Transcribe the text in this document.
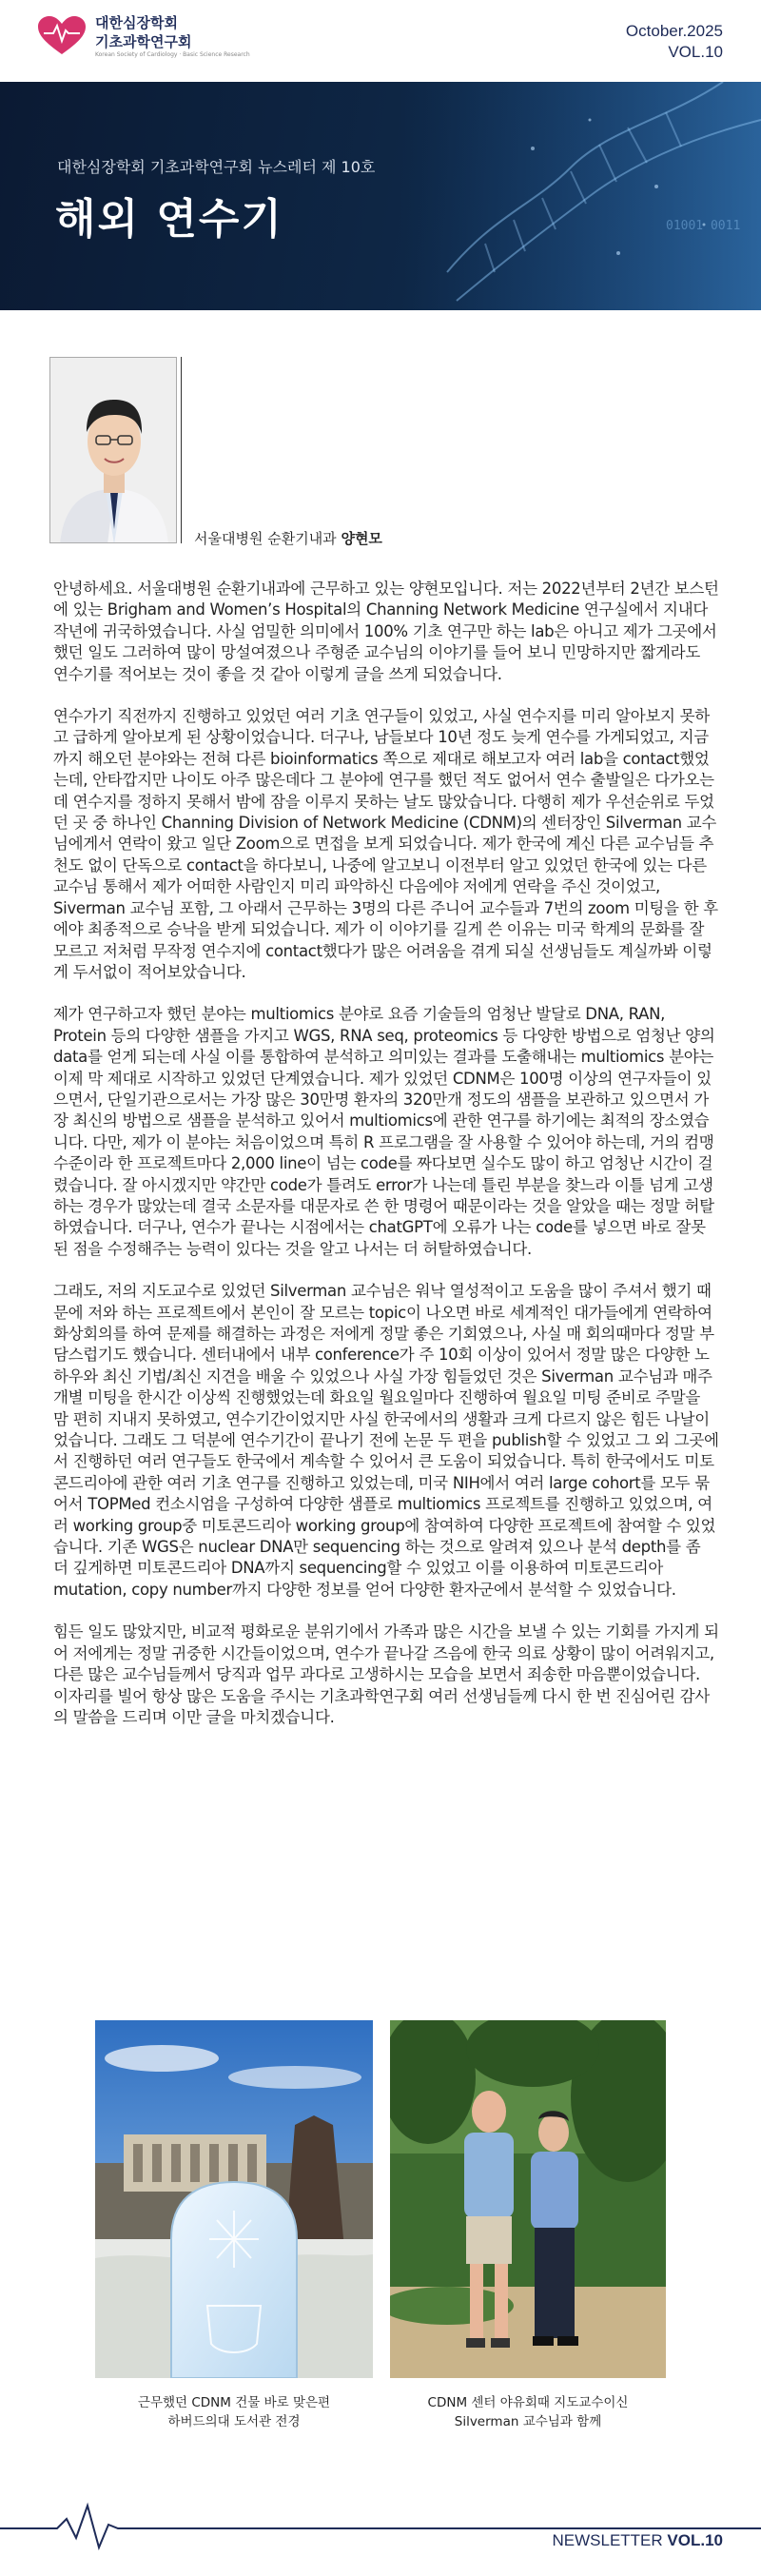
대한심장학회
기초과학연구회
Korean Society of Cardiology · Basic Science Research
October.2025
VOL.10
01001 0011
대한심장학회 기초과학연구회 뉴스레터 제 10호
해외 연수기
서울대병원 순환기내과 양현모

안녕하세요. 서울대병원 순환기내과에 근무하고 있는 양현모입니다. 저는 2022년부터 2년간 보스턴에 있는 Brigham and Women’s Hospital의 Channing Network Medicine 연구실에서 지내다 작년에 귀국하였습니다. 사실 엄밀한 의미에서 100% 기초 연구만 하는 lab은 아니고 제가 그곳에서 했던 일도 그러하여 많이 망설여졌으나 주형준 교수님의 이야기를 들어 보니 민망하지만 짧게라도 연수기를 적어보는 것이 좋을 것 같아 이렇게 글을 쓰게 되었습니다.

연수가기 직전까지 진행하고 있었던 여러 기초 연구들이 있었고, 사실 연수지를 미리 알아보지 못하고 급하게 알아보게 된 상황이었습니다. 더구나, 남들보다 10년 정도 늦게 연수를 가게되었고, 지금까지 해오던 분야와는 전혀 다른 bioinformatics 쪽으로 제대로 해보고자 여러 lab을 contact했었는데, 안타깝지만 나이도 아주 많은데다 그 분야에 연구를 했던 적도 없어서 연수 출발일은 다가오는데 연수지를 정하지 못해서 밤에 잠을 이루지 못하는 날도 많았습니다. 다행히 제가 우선순위로 두었던 곳 중 하나인 Channing Division of Network Medicine (CDNM)의 센터장인 Silverman 교수님에게서 연락이 왔고 일단 Zoom으로 면접을 보게 되었습니다. 제가 한국에 계신 다른 교수님들 추천도 없이 단독으로 contact을 하다보니, 나중에 알고보니 이전부터 알고 있었던 한국에 있는 다른 교수님 통해서 제가 어떠한 사람인지 미리 파악하신 다음에야 저에게 연락을 주신 것이었고, Siverman 교수님 포함, 그 아래서 근무하는 3명의 다른 주니어 교수들과 7번의 zoom 미팅을 한 후에야 최종적으로 승낙을 받게 되었습니다. 제가 이 이야기를 길게 쓴 이유는 미국 학계의 문화를 잘 모르고 저처럼 무작정 연수지에 contact했다가 많은 어려움을 겪게 되실 선생님들도 계실까봐 이렇게 두서없이 적어보았습니다.

제가 연구하고자 했던 분야는 multiomics 분야로 요즘 기술들의 엄청난 발달로 DNA, RAN, Protein 등의 다양한 샘플을 가지고 WGS, RNA seq, proteomics 등 다양한 방법으로 엄청난 양의 data를 얻게 되는데 사실 이를 통합하여 분석하고 의미있는 결과를 도출해내는 multiomics 분야는 이제 막 제대로 시작하고 있었던 단계였습니다. 제가 있었던 CDNM은 100명 이상의 연구자들이 있으면서, 단일기관으로서는 가장 많은 30만명 환자의 320만개 정도의 샘플을 보관하고 있으면서 가장 최신의 방법으로 샘플을 분석하고 있어서 multiomics에 관한 연구를 하기에는 최적의 장소였습니다. 다만, 제가 이 분야는 처음이었으며 특히 R 프로그램을 잘 사용할 수 있어야 하는데, 거의 컴맹수준이라 한 프로젝트마다 2,000 line이 넘는 code를 짜다보면 실수도 많이 하고 엄청난 시간이 걸렸습니다. 잘 아시겠지만 약간만 code가 틀려도 error가 나는데 틀린 부분을 찾느라 이틀 넘게 고생하는 경우가 많았는데 결국 소문자를 대문자로 쓴 한 명령어 때문이라는 것을 알았을 때는 정말 허탈하였습니다. 더구나, 연수가 끝나는 시점에서는 chatGPT에 오류가 나는 code를 넣으면 바로 잘못된 점을 수정해주는 능력이 있다는 것을 알고 나서는 더 허탈하였습니다.

그래도, 저의 지도교수로 있었던 Silverman 교수님은 워낙 열성적이고 도움을 많이 주셔서 했기 때문에 저와 하는 프로젝트에서 본인이 잘 모르는 topic이 나오면 바로 세계적인 대가들에게 연락하여 화상회의를 하여 문제를 해결하는 과정은 저에게 정말 좋은 기회였으나, 사실 매 회의때마다 정말 부담스럽기도 했습니다. 센터내에서 내부 conference가 주 10회 이상이 있어서 정말 많은 다양한 노하우와 최신 기법/최신 지견을 배울 수 있었으나 사실 가장 힘들었던 것은 Siverman 교수님과 매주 개별 미팅을 한시간 이상씩 진행했었는데 화요일 월요일마다 진행하여 월요일 미팅 준비로 주말을 맘 편히 지내지 못하였고, 연수기간이었지만 사실 한국에서의 생활과 크게 다르지 않은 힘든 나날이었습니다. 그래도 그 덕분에 연수기간이 끝나기 전에 논문 두 편을 publish할 수 있었고 그 외 그곳에서 진행하던 여러 연구들도 한국에서 계속할 수 있어서 큰 도움이 되었습니다. 특히 한국에서도 미토콘드리아에 관한 여러 기초 연구를 진행하고 있었는데, 미국 NIH에서 여러 large cohort를 모두 묶어서 TOPMed 컨소시엄을 구성하여 다양한 샘플로 multiomics 프로젝트를 진행하고 있었으며, 여러 working group중 미토콘드리아 working group에 참여하여 다양한 프로젝트에 참여할 수 있었습니다. 기존 WGS은 nuclear DNA만 sequencing 하는 것으로 알려져 있으나 분석 depth를 좀 더 깊게하면 미토콘드리아 DNA까지 sequencing할 수 있었고 이를 이용하여 미토콘드리아 mutation, copy number까지 다양한 정보를 얻어 다양한 환자군에서 분석할 수 있었습니다.

힘든 일도 많았지만, 비교적 평화로운 분위기에서 가족과 많은 시간을 보낼 수 있는 기회를 가지게 되어 저에게는 정말 귀중한 시간들이었으며, 연수가 끝나갈 즈음에 한국 의료 상황이 많이 어려워지고, 다른 많은 교수님들께서 당직과 업무 과다로 고생하시는 모습을 보면서 죄송한 마음뿐이었습니다. 이자리를 빌어 항상 많은 도움을 주시는 기초과학연구회 여러 선생님들께 다시 한 번 진심어린 감사의 말씀을 드리며 이만 글을 마치겠습니다.

근무했던 CDNM 건물 바로 맞은편
하버드의대 도서관 전경
CDNM 센터 야유회때 지도교수이신
Silverman 교수님과 함께
NEWSLETTER VOL.10
